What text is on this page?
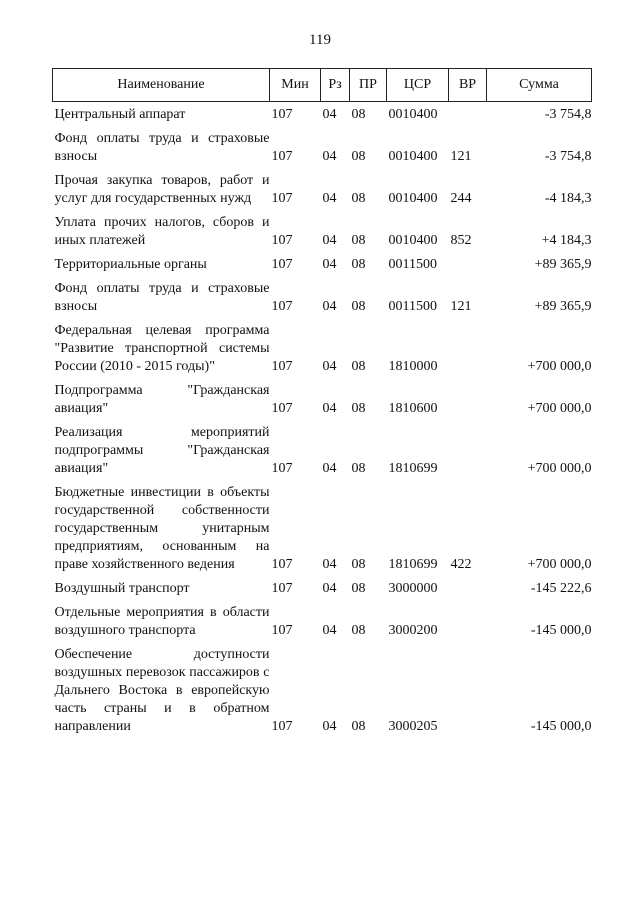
119
Наименование	Мин	Рз	ПР	ЦСР	ВР	Сумма
Центральный аппарат	107	04	08	0010400		-3 754,8
Фонд оплаты труда и страховые взносы	107	04	08	0010400	121	-3 754,8
Прочая закупка товаров, работ и услуг для государственных нужд	107	04	08	0010400	244	-4 184,3
Уплата прочих налогов, сборов и иных платежей	107	04	08	0010400	852	+4 184,3
Территориальные органы	107	04	08	0011500		+89 365,9
Фонд оплаты труда и страховые взносы	107	04	08	0011500	121	+89 365,9
Федеральная целевая программа "Развитие транспортной системы России (2010 - 2015 годы)"	107	04	08	1810000		+700 000,0
Подпрограмма "Гражданская авиация"	107	04	08	1810600		+700 000,0
Реализация мероприятий подпрограммы "Гражданская авиация"	107	04	08	1810699		+700 000,0
Бюджетные инвестиции в объекты государственной собственности государственным унитарным предприятиям, основанным на праве хозяйственного ведения	107	04	08	1810699	422	+700 000,0
Воздушный транспорт	107	04	08	3000000		-145 222,6
Отдельные мероприятия в области воздушного транспорта	107	04	08	3000200		-145 000,0
Обеспечение доступности воздушных перевозок пассажиров с Дальнего Востока в европейскую часть страны и в обратном направлении	107	04	08	3000205		-145 000,0
